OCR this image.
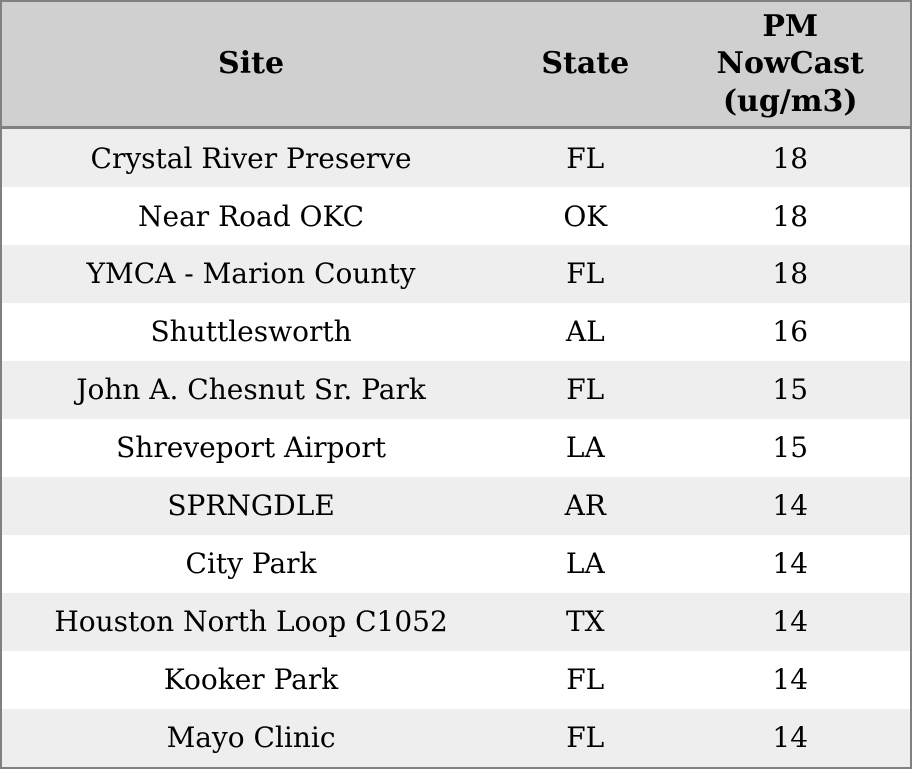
Site	State	PM NowCast (ug/m3)
Crystal River Preserve	FL	18
Near Road OKC	OK	18
YMCA - Marion County	FL	18
Shuttlesworth	AL	16
John A. Chesnut Sr. Park	FL	15
Shreveport Airport	LA	15
SPRNGDLE	AR	14
City Park	LA	14
Houston North Loop C1052	TX	14
Kooker Park	FL	14
Mayo Clinic	FL	14
